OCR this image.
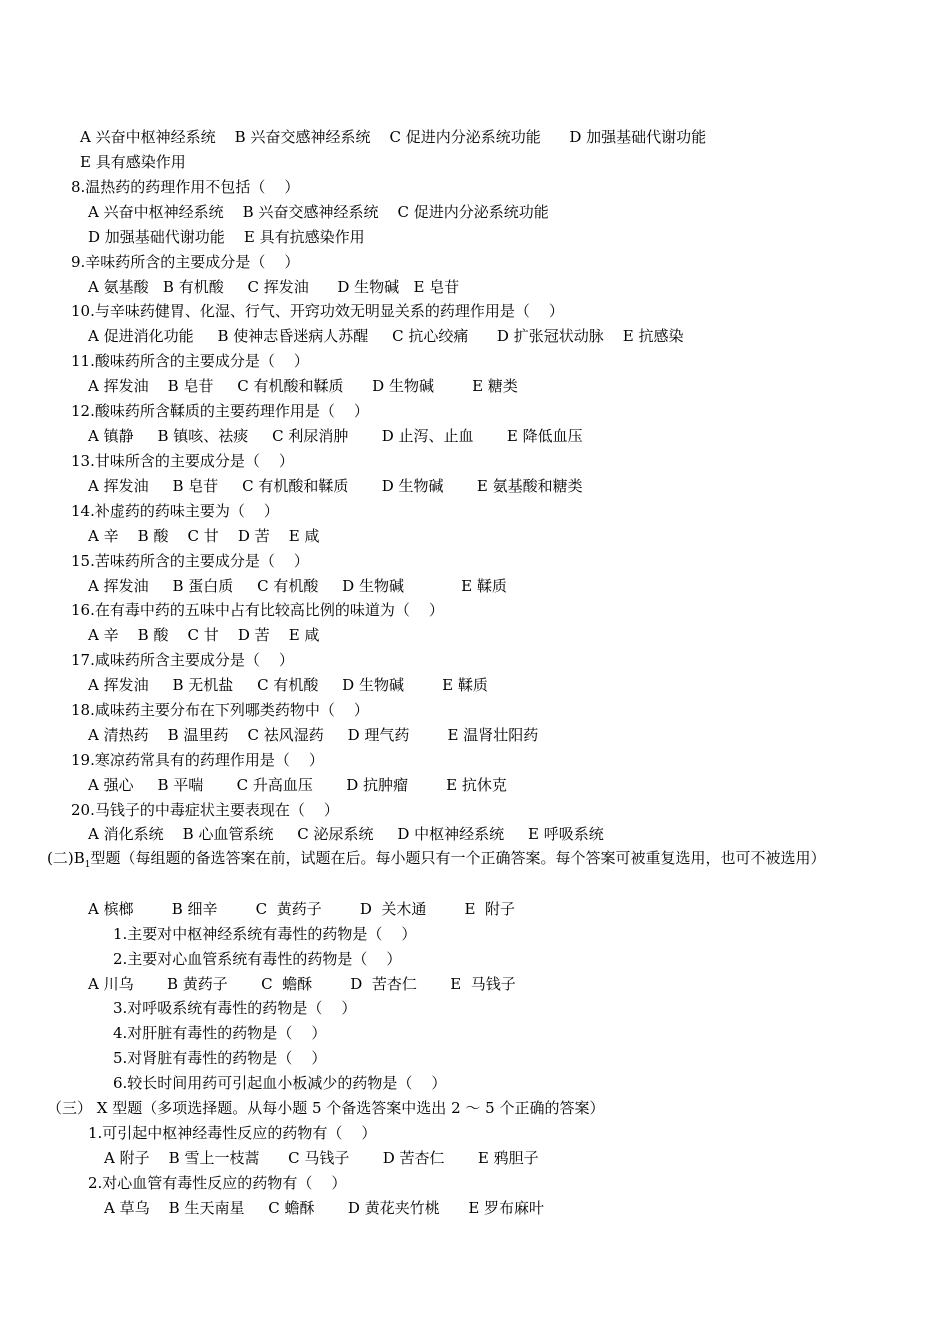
A 兴奋中枢神经系统    B 兴奋交感神经系统    C 促进内分泌系统功能      D 加强基础代谢功能
E 具有感染作用
8.温热药的药理作用不包括（    ）
A 兴奋中枢神经系统    B 兴奋交感神经系统    C 促进内分泌系统功能
D 加强基础代谢功能    E 具有抗感染作用
9.辛味药所含的主要成分是（    ）
A 氨基酸   B 有机酸     C 挥发油      D 生物碱   E 皂苷
10.与辛味药健胃、化湿、行气、开窍功效无明显关系的药理作用是（    ）
A 促进消化功能     B 使神志昏迷病人苏醒     C 抗心绞痛      D 扩张冠状动脉    E 抗感染
11.酸味药所含的主要成分是（    ）
A 挥发油    B 皂苷     C 有机酸和鞣质      D 生物碱        E 糖类
12.酸味药所含鞣质的主要药理作用是（    ）
A 镇静     B 镇咳、祛痰     C 利尿消肿       D 止泻、止血       E 降低血压
13.甘味所含的主要成分是（    ）
A 挥发油     B 皂苷     C 有机酸和鞣质       D 生物碱       E 氨基酸和糖类
14.补虚药的药味主要为（    ）
A 辛    B 酸    C 甘    D 苦    E 咸
15.苦味药所含的主要成分是（    ）
A 挥发油     B 蛋白质     C 有机酸     D 生物碱            E 鞣质
16.在有毒中药的五味中占有比较高比例的味道为（    ）
A 辛    B 酸    C 甘    D 苦    E 咸
17.咸味药所含主要成分是（    ）
A 挥发油     B 无机盐     C 有机酸     D 生物碱        E 鞣质
18.咸味药主要分布在下列哪类药物中（    ）
A 清热药    B 温里药    C 祛风湿药     D 理气药        E 温肾壮阳药
19.寒凉药常具有的药理作用是（    ）
A 强心     B 平喘       C 升高血压       D 抗肿瘤        E 抗休克
20.马钱子的中毒症状主要表现在（    ）
A 消化系统    B 心血管系统     C 泌尿系统     D 中枢神经系统     E 呼吸系统
(二)$B_1$型题（每组题的备选答案在前，试题在后。每小题只有一个正确答案。每个答案可被重复选用，也可不被选用）
A 槟榔        B 细辛        C  黄药子        D  关木通        E  附子
1.主要对中枢神经系统有毒性的药物是（    ）
2.主要对心血管系统有毒性的药物是（    ）
A 川乌       B 黄药子       C  蟾酥        D  苦杏仁       E  马钱子
3.对呼吸系统有毒性的药物是（    ）
4.对肝脏有毒性的药物是（    ）
5.对肾脏有毒性的药物是（    ）
6.较长时间用药可引起血小板减少的药物是（    ）
（三） X 型题（多项选择题。从每小题 5 个备选答案中选出 2 ～ 5 个正确的答案）
1.可引起中枢神经毒性反应的药物有（    ）
A 附子    B 雪上一枝蒿      C 马钱子       D 苦杏仁       E 鸦胆子
2.对心血管有毒性反应的药物有（    ）
A 草乌    B 生天南星     C 蟾酥       D 黄花夹竹桃      E 罗布麻叶
